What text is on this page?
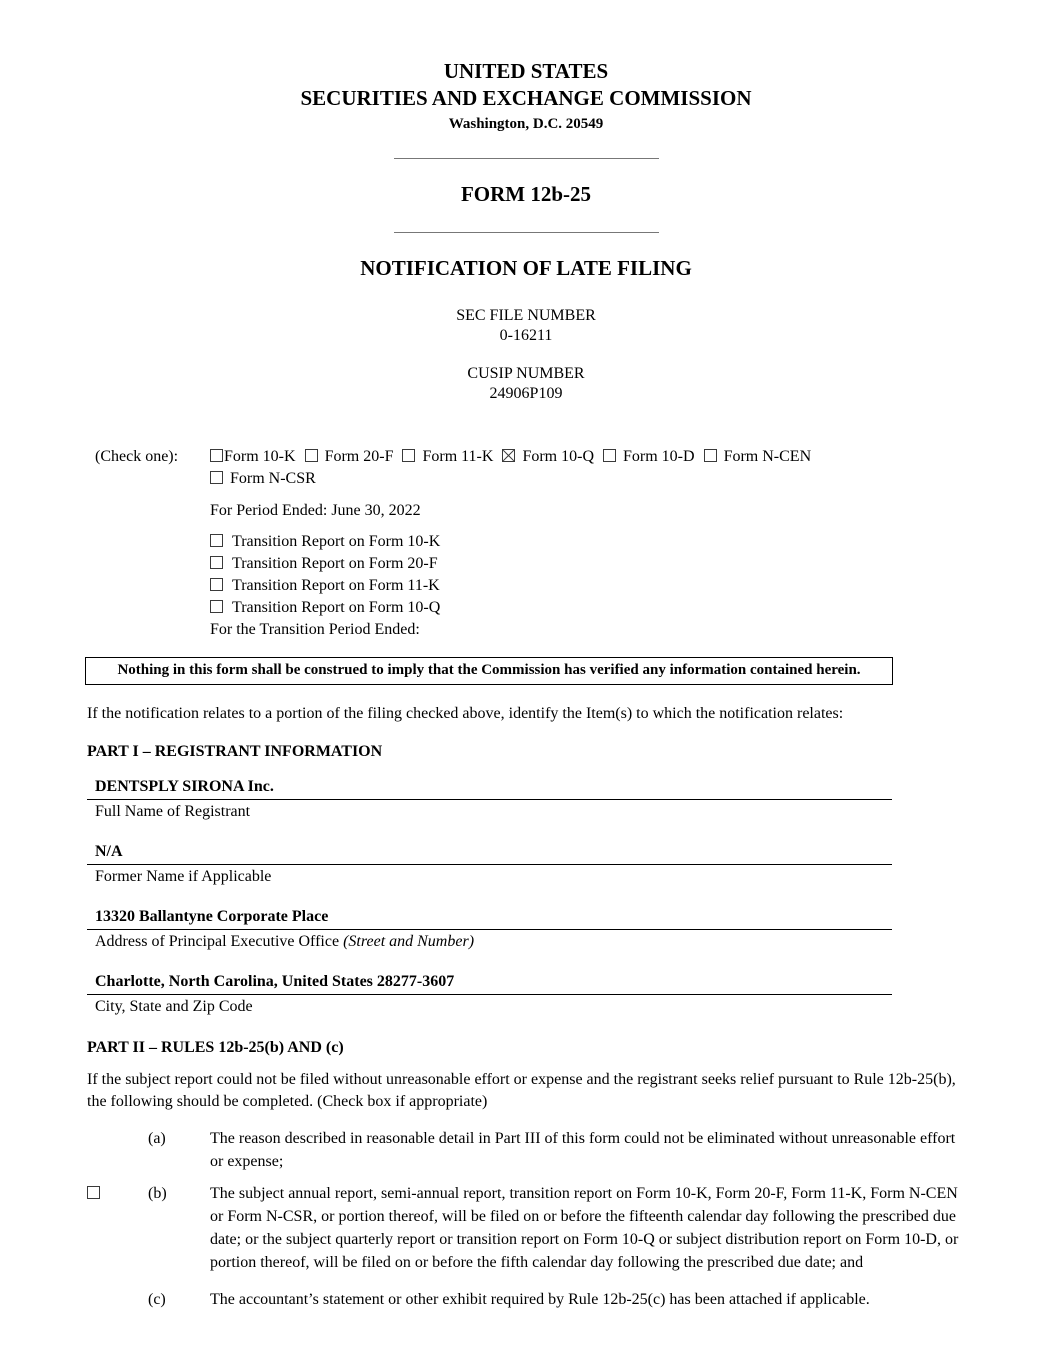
UNITED STATES
SECURITIES AND EXCHANGE COMMISSION
Washington, D.C. 20549
FORM 12b-25
NOTIFICATION OF LATE FILING
SEC FILE NUMBER
0-16211
CUSIP NUMBER
24906P109
(Check one):	Form 10-K Form 20-F Form 11-K Form 10-Q Form 10-D Form N-CEN
Form N-CSR
For Period Ended: June 30, 2022
Transition Report on Form 10-K
Transition Report on Form 20-F
Transition Report on Form 11-K
Transition Report on Form 10-Q
For the Transition Period Ended:
Nothing in this form shall be construed to imply that the Commission has verified any information contained herein.

If the notification relates to a portion of the filing checked above, identify the Item(s) to which the notification relates:

PART I – REGISTRANT INFORMATION
DENTSPLY SIRONA Inc.
Full Name of Registrant
N/A
Former Name if Applicable
13320 Ballantyne Corporate Place
Address of Principal Executive Office (Street and Number)
Charlotte, North Carolina, United States 28277-3607
City, State and Zip Code
PART II – RULES 12b-25(b) AND (c)

If the subject report could not be filed without unreasonable effort or expense and the registrant seeks relief pursuant to Rule 12b-25(b), the following should be completed. (Check box if appropriate)

(a)	The reason described in reasonable detail in Part III of this form could not be eliminated without unreasonable effort or expense;
(b)	The subject annual report, semi-annual report, transition report on Form 10-K, Form 20-F, Form 11-K, Form N-CEN or Form N-CSR, or portion thereof, will be filed on or before the fifteenth calendar day following the prescribed due date; or the subject quarterly report or transition report on Form 10-Q or subject distribution report on Form 10-D, or portion thereof, will be filed on or before the fifth calendar day following the prescribed due date; and
(c)	The accountant’s statement or other exhibit required by Rule 12b-25(c) has been attached if applicable.
